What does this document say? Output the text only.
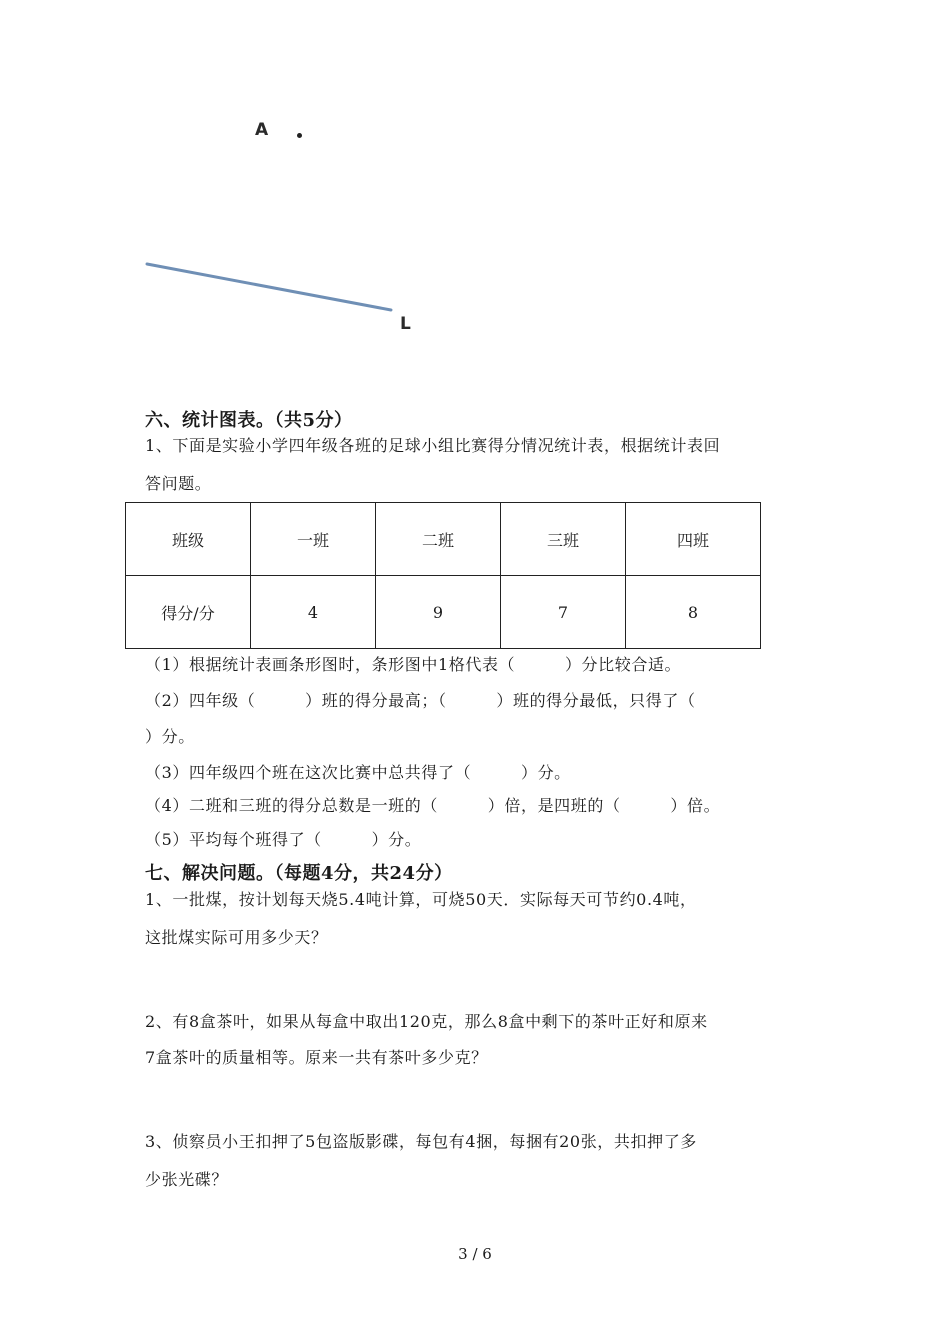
A
L
六、统计图表。（共5分）
1、下面是实验小学四年级各班的足球小组比赛得分情况统计表，根据统计表回
答问题。
班级	一班	二班	三班	四班
得分/分	4	9	7	8
（1）根据统计表画条形图时，条形图中1格代表（　　　）分比较合适。
（2）四年级（　　　）班的得分最高；（　　　）班的得分最低，只得了（
）分。
（3）四年级四个班在这次比赛中总共得了（　　　）分。
（4）二班和三班的得分总数是一班的（　　　）倍，是四班的（　　　）倍。
（5）平均每个班得了（　　　）分。
七、解决问题。（每题4分，共24分）
1、一批煤，按计划每天烧5.4吨计算，可烧50天．实际每天可节约0.4吨，
这批煤实际可用多少天？
2、有8盒茶叶，如果从每盒中取出120克，那么8盒中剩下的茶叶正好和原来
7盒茶叶的质量相等。原来一共有茶叶多少克？
3、侦察员小王扣押了5包盗版影碟，每包有4捆，每捆有20张，共扣押了多
少张光碟？
3 / 6
